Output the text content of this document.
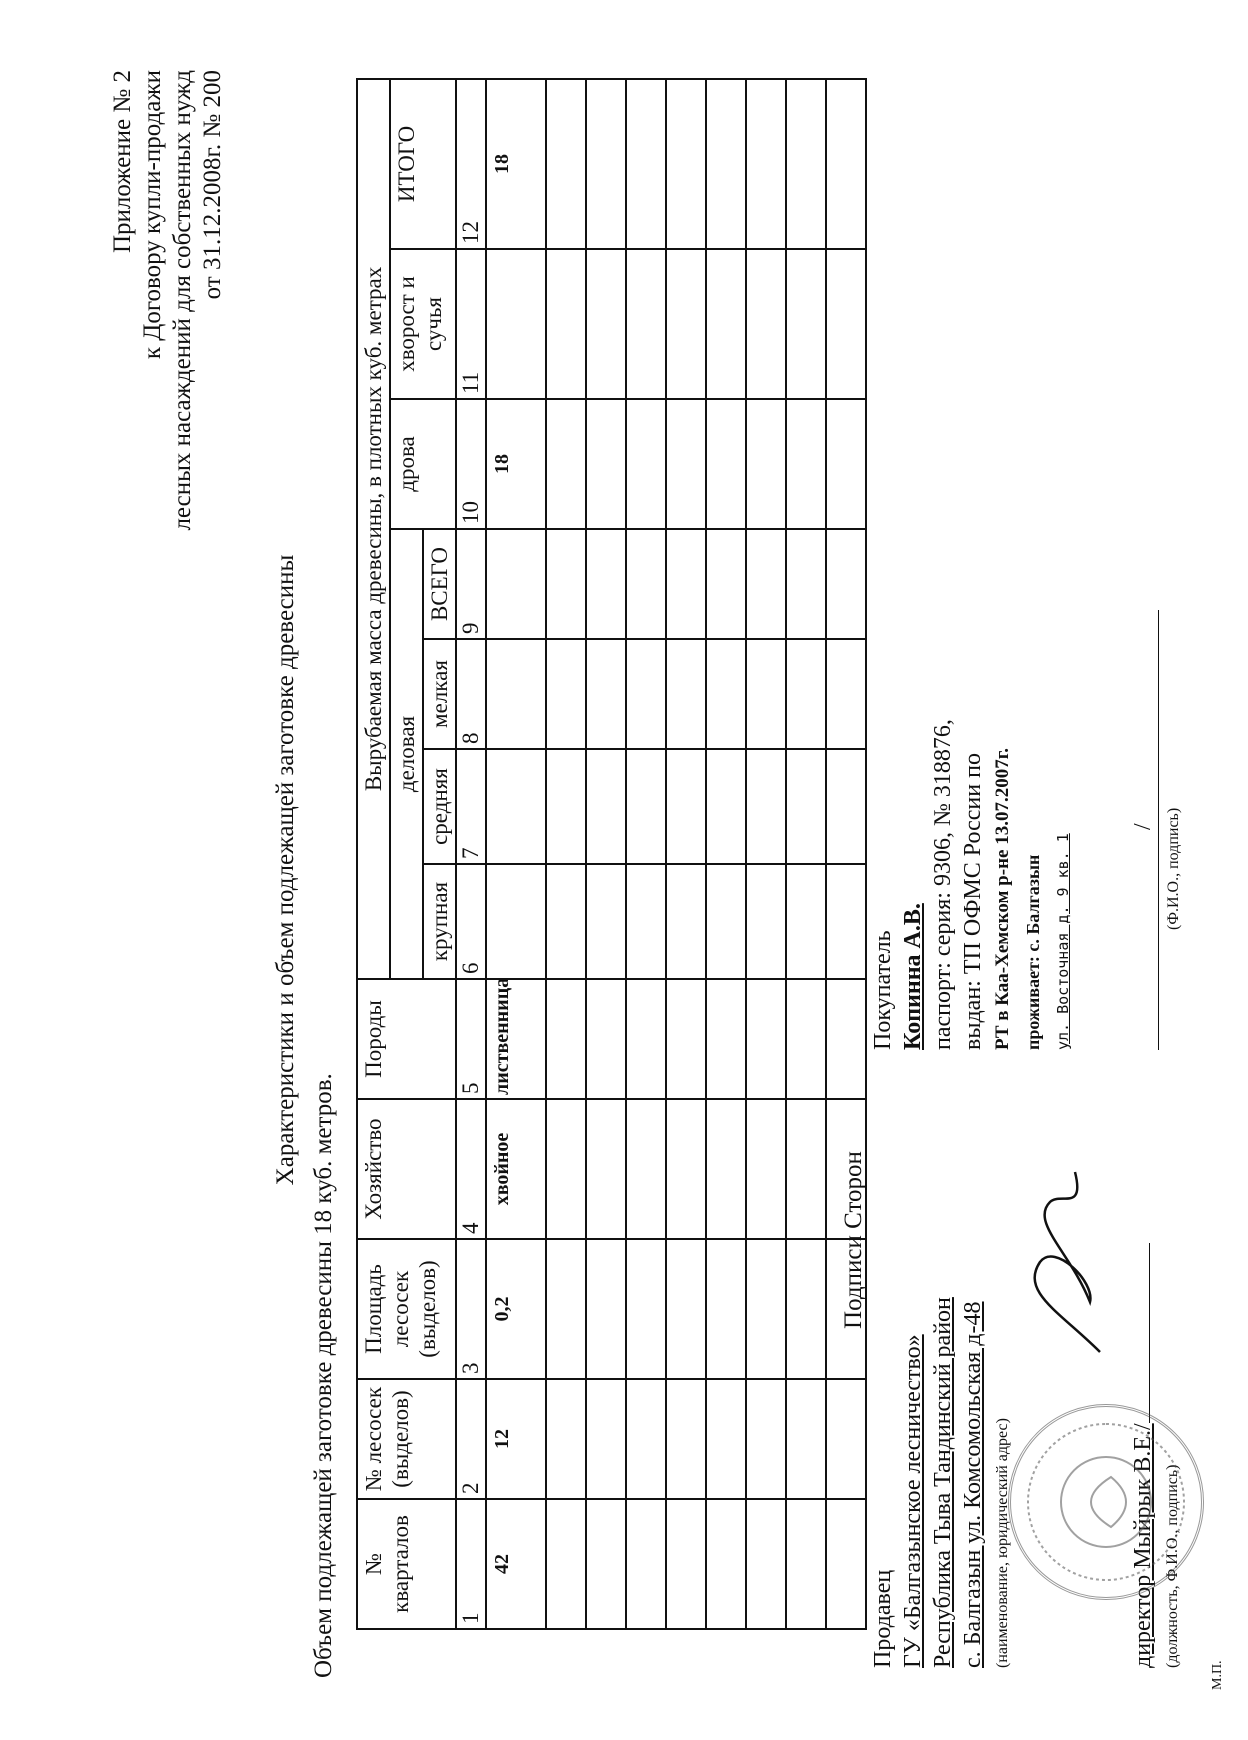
Приложение № 2 к Договору купли-продажи лесных насаждений для собственных нужд от 31.12.2008г. № 200
Характеристики и объем подлежащей заготовке древесины
Объем подлежащей заготовке древесины 18 куб. метров. № кварталов	№ лесосек (выделов)	Площадь лесосек (выделов)	Хозяйство	Породы	Вырубаемая масса древесины, в плотных куб. метрах						
					деловая				дрова	хворост и сучья	ИТОГО
					крупная	средняя	мелкая	ВСЕГО			
1	2	3	4	5	6	7	8	9	10	11	12
42	12	0,2	хвойное	лиственница					18		18

Подписи Сторон
Продавец ГУ «Балгазынское лесничество» Республика Тыва Тандинский район с. Балгазын ул. Комсомольская д-48 (наименование, юридический адрес)	директор Мыйрык В.Е./ (должность, Ф.И.О., подпись)
М.П.
Покупатель Копинна А.В. паспорт: серия: 9306, № 318876, выдан: ТП ОФМС России по РТ в Каа-Хемском р-не 13.07.2007г. проживает: с. Балгазын ул. Восточная д. 9 кв. 1
/ (Ф.И.О., подпись)
